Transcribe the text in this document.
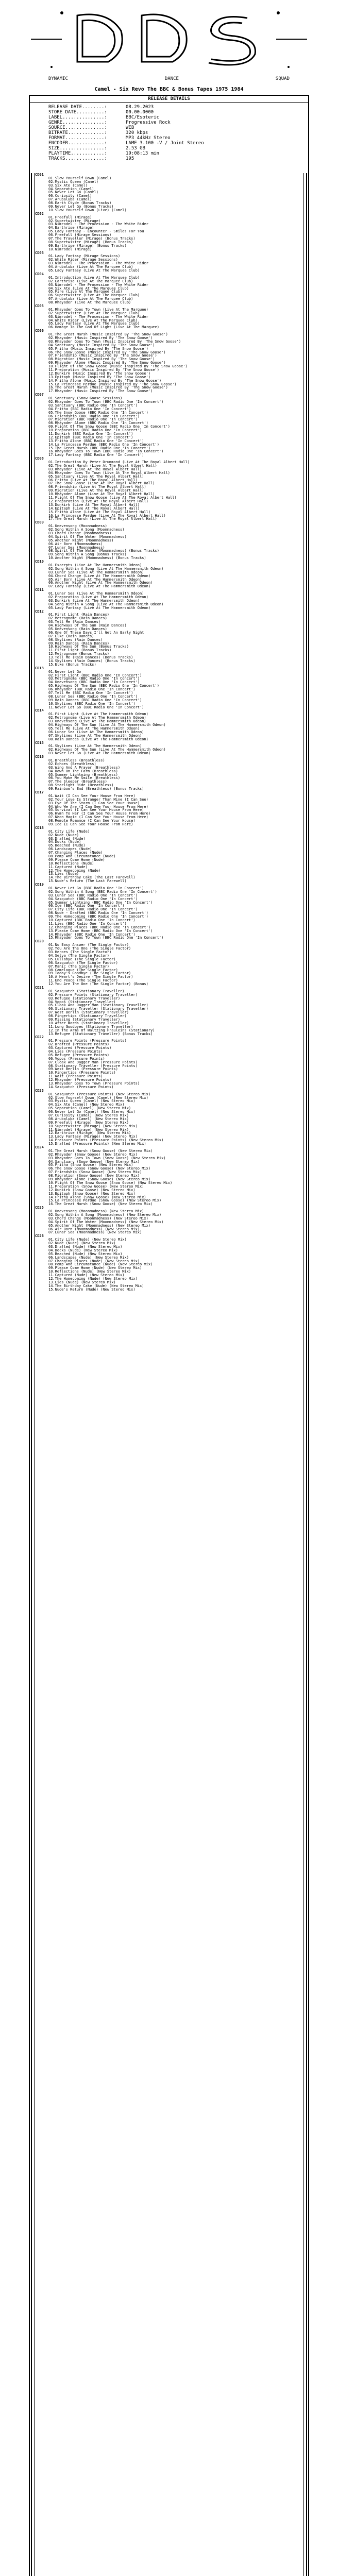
DYNAMIC	DANCE	SQUAD
Camel - Six Revo The BBC & Bonus Tapes 1975 1984
RELEASE DETAILS
RELEASE DATE........:	08.29.2023
STORE DATE..........:	00.00.0000
LABEL...............:	BBC/Esoteric
GENRE...............:	Progressive Rock
SOURCE..............:	WEB
BITRATE.............:	320 kbps
FORMAT..............:	MP3 44kHz Stereo
ENCODER.............:	LAME 3.100 -V / Joint Stereo
SIZE................:	2.53 GB
PLAYTIME............:	19:08:13 min
TRACKS..............:	195
CD01
01.Slow Yourself Down (Camel)
02.Mystic Queen (Camel)
03.Six Ate (Camel)
04.Separation (Camel)
05.Never Let Go (Camel)
06.Curiosity (Camel)
07.Arubaluba (Camel)
08.Earth Ctyde (Bonus Tracks)
09.Never Let Go (Bonus Tracks)
10.Slow Yourself Down (Live) (Camel)
CD02
01.Freefall (Mirage)
02.Supertwister (Mirage)
03.Nimrodel - The Procession - The White Rider
04.Earthrise (Mirage)
05.Lady Fantasy - Encounter - Smiles For You
06.Freefall (Mirage Sessions)
07.The Traveller (Mirage) (Bonus Tracks)
08.Supertwister (Mirage) (Bonus Tracks)
09.Earthrise (Mirage) (Bonus Tracks)
10.Nimrodel (Mirage)
CD03
01.Lady Fantasy (Mirage Sessions)
02.White Rider (Mirage Sessions)
03.Nimrodel - The Procession - The White Rider
04.Arubaluba (Live At The Marquee Club)
05.Lady Fantasy (Live At The Marquee Club)
CD04
01.Introduction (Live At The Marquee Club)
02.Earthrise (Live At The Marquee Club)
03.Nimrodel - The Procession - The White Rider
04.Six Ate (Live At The Marquee Club)
05.Fire (Live At The Marquee Club)
06.Supertwister (Live At The Marquee Club)
07.Arubaluba (Live At The Marquee Club)
08.Rhayader (Live At The Marquee Club)
CD05
01.Rhayader Goes To Town (Live At The Marquee)
02.Supertwister (Live At The Marquee Club)
03.Nimrodel - The Procession - The White Rider
04.White Rider (Live At The Marquee Club)
05.Lady Fantasy (Live At The Marquee Club)
06.Homage To The God Of Light (Live At The Marquee)
CD06
01.The Great Marsh (Music Inspired By 'The Snow Goose')
02.Rhayader (Music Inspired By 'The Snow Goose')
03.Rhayader Goes To Town (Music Inspired By 'The Snow Goose')
04.Sanctuary (Music Inspired By 'The Snow Goose')
05.Fritha (Music Inspired By 'The Snow Goose')
06.The Snow Goose (Music Inspired By 'The Snow Goose')
07.Friendship (Music Inspired By 'The Snow Goose')
08.Migration (Music Inspired By 'The Snow Goose')
09.Rhayader Alone (Music Inspired By 'The Snow Goose')
10.Flight Of The Snow Goose (Music Inspired By 'The Snow Goose')
11.Preparation (Music Inspired By 'The Snow Goose')
12.Dunkirk (Music Inspired By 'The Snow Goose')
13.Epitaph (Music Inspired By 'The Snow Goose')
14.Fritha Alone (Music Inspired By 'The Snow Goose')
15.La Princesse Perdue (Music Inspired By 'The Snow Goose')
16.The Great Marsh (Music Inspired By 'The Snow Goose')
17.Rhayader (Music Inspired By 'The Snow Goose')
CD07
01.Sanctuary (Snow Goose Sessions)
02.Rhayader Goes To Town (BBC Radio One 'In Concert')
03.Sanctuary (BBC Radio One 'In Concert')
04.Fritha (BBC Radio One 'In Concert')
05.The Snow Goose (BBC Radio One 'In Concert')
06.Friendship (BBC Radio One 'In Concert')
07.Migration (BBC Radio One 'In Concert')
08.Rhayader Alone (BBC Radio One 'In Concert')
09.Flight Of The Snow Goose (BBC Radio One 'In Concert')
10.Preparation (BBC Radio One 'In Concert')
11.Dunkirk (BBC Radio One 'In Concert')
12.Epitaph (BBC Radio One 'In Concert')
13.Fritha Alone (BBC Radio One 'In Concert')
14.La Princesse Perdue (BBC Radio One 'In Concert')
15.The Great Marsh (BBC Radio One 'In Concert')
16.Rhayader Goes To Town (BBC Radio One 'In Concert')
17.Lady Fantasy (BBC Radio One 'In Concert')
CD08
01.Introduction By Peter Drummond (Live At The Royal Albert Hall)
02.The Great Marsh (Live At The Royal Albert Hall)
03.Rhayader (Live At The Royal Albert Hall)
04.Rhayader Goes To Town (Live At The Royal Albert Hall)
05.Sanctuary (Live At The Royal Albert Hall)
06.Fritha (Live At The Royal Albert Hall)
07.The Snow Goose (Live At The Royal Albert Hall)
08.Friendship (Live At The Royal Albert Hall)
09.Migration (Live At The Royal Albert Hall)
10.Rhayader Alone (Live At The Royal Albert Hall)
11.Flight Of The Snow Goose (Live At The Royal Albert Hall)
12.Preparation (Live At The Royal Albert Hall)
13.Dunkirk (Live At The Royal Albert Hall)
14.Epitaph (Live At The Royal Albert Hall)
15.Fritha Alone (Live At The Royal Albert Hall)
16.La Princesse Perdue (Live At The Royal Albert Hall)
17.The Great Marsh (Live At The Royal Albert Hall)
CD09
01.Unevensong (Moonmadness)
02.Song Within A Song (Moonmadness)
03.Chord Change (Moonmadness)
04.Spirit Of The Water (Moonmadness)
05.Another Night (Moonmadness)
06.Air Born (Moonmadness)
07.Lunar Sea (Moonmadness)
08.Spirit Of The Water (Moonmadness) (Bonus Tracks)
09.Song Within A Song (Bonus Tracks)
10.Another Night (Moonmadness) (Bonus Tracks)
CD10
01.Excerpts (Live At The Hammersmith Odeon)
02.Song Within A Song (Live At The Hammersmith Odeon)
03.Lunar Sea (Live At The Hammersmith Odeon)
04.Chord Change (Live At The Hammersmith Odeon)
05.Air Born (Live At The Hammersmith Odeon)
06.Another Night (Live At The Hammersmith Odeon)
07.Lady Fantasy (Live At The Hammersmith Odeon)
CD11
01.Lunar Sea (Live At The Hammersmith Odeon)
02.Preparation (Live At The Hammersmith Odeon)
03.Dunkirk (Live At The Hammersmith Odeon)
04.Song Within A Song (Live At The Hammersmith Odeon)
05.Lady Fantasy (Live At The Hammersmith Odeon)
CD12
01.First Light (Rain Dances)
02.Metrognome (Rain Dances)
03.Tell Me (Rain Dances)
04.Highways Of The Sun (Rain Dances)
05.Unevensong (Rain Dances)
06.One Of These Days I'll Get An Early Night
07.Elke (Rain Dances)
08.Skylines (Rain Dances)
09.Rain Dances (Rain Dances)
10.Highways Of The Sun (Bonus Tracks)
11.First Light (Bonus Tracks)
12.Metrognome (Bonus Tracks)
13.Tell Me (Rain Dances) (Bonus Tracks)
14.Skylines (Rain Dances) (Bonus Tracks)
15.Elke (Bonus Tracks)
CD13
01.Never Let Go
02.First Light (BBC Radio One 'In Concert')
03.Metrognome (BBC Radio One 'In Concert')
04.Unevensong (BBC Radio One 'In Concert')
05.Highways Of The Sun (BBC Radio One 'In Concert')
06.Rhayader (BBC Radio One 'In Concert')
07.Tell Me (BBC Radio One 'In Concert')
08.Lunar Sea (BBC Radio One 'In Concert')
09.Rain Dances (BBC Radio One 'In Concert')
10.Skylines (BBC Radio One 'In Concert')
11.Never Let Go (BBC Radio One 'In Concert')
CD14
01.First Light (Live At The Hammersmith Odeon)
02.Metrognome (Live At The Hammersmith Odeon)
03.Unevensong (Live At The Hammersmith Odeon)
04.Highways Of The Sun (Live At The Hammersmith Odeon)
05.Tell Me (Live At The Hammersmith Odeon)
06.Lunar Sea (Live At The Hammersmith Odeon)
07.Skylines (Live At The Hammersmith Odeon)
08.Rain Dances (Live At The Hammersmith Odeon)
CD15
01.Skylines (Live At The Hammersmith Odeon)
02.Highways Of The Sun (Live At The Hammersmith Odeon)
03.Never Let Go (Live At The Hammersmith Odeon)
CD16
01.Breathless (Breathless)
02.Echoes (Breathless)
03.Wing And A Prayer (Breathless)
04.Down On The Farm (Breathless)
05.Summer Lightning (Breathless)
06.You Make Me Smile (Breathless)
07.The Sleeper (Breathless)
08.Starlight Ride (Breathless)
09.Rainbow's End (Breathless) (Bonus Tracks)
CD17
01.Wait (I Can See Your House From Here)
02.Your Love Is Stranger Than Mine (I Can See)
03.Eye Of The Storm (I Can See Your House)
04.Who We Are (I Can See Your House From Here)
05.Survival (I Can See Your House From Here)
06.Hymn To Her (I Can See Your House From Here)
07.Neon Magic (I Can See Your House From Here)
08.Remote Romance (I Can See Your House)
09.Ice (I Can See Your House From Here)
CD18
01.City Life (Nude)
02.Nude (Nude)
03.Drafted (Nude)
04.Docks (Nude)
05.Beached (Nude)
06.Landscapes (Nude)
07.Changing Places (Nude)
08.Pomp And Circumstance (Nude)
09.Please Come Home (Nude)
10.Reflections (Nude)
11.Captured (Nude)
12.The Homecoming (Nude)
13.Lies (Nude)
14.The Birthday Cake (The Last Farewell)
15.Nude's Return (The Last Farewell)
CD19
01.Never Let Go (BBC Radio One 'In Concert')
02.Song Within A Song (BBC Radio One 'In Concert')
03.Lunar Sea (BBC Radio One 'In Concert')
04.Sasquatch (BBC Radio One 'In Concert')
05.Summer Lightning (BBC Radio One 'In Concert')
06.Ice (BBC Radio One 'In Concert')
07.City Life (BBC Radio One 'In Concert')
08.Nude - Drafted (BBC Radio One 'In Concert')
09.The Homecoming (BBC Radio One 'In Concert')
10.Captured (BBC Radio One 'In Concert')
11.Lies (BBC Radio One 'In Concert')
12.Changing Places (BBC Radio One 'In Concert')
13.Please Come Home (BBC Radio One 'In Concert')
14.Rhayader (BBC Radio One 'In Concert')
15.Rhayader Goes To Town (BBC Radio One 'In Concert')
CD20
01.No Easy Answer (The Single Factor)
02.You Are The One (The Single Factor)
03.Heroes (The Single Factor)
04.Selva (The Single Factor)
05.Lullabye (The Single Factor)
06.Sasquatch (The Single Factor)
07.Manic (The Single Factor)
08.Camelogue (The Single Factor)
09.Today's Goodbye (The Single Factor)
10.A Heart's Desire (The Single Factor)
11.End Peace (The Single Factor)
12.You Are The One (The Single Factor) (Bonus)
CD21
01.Sasquatch (Stationary Traveller)
02.Pressure Points (Stationary Traveller)
03.Refugee (Stationary Traveller)
04.Vopos (Stationary Traveller)
05.Cloak And Dagger Man (Stationary Traveller)
06.Stationary Traveller (Stationary Traveller)
07.West Berlin (Stationary Traveller)
08.Fingertips (Stationary Traveller)
09.Missing (Stationary Traveller)
10.After Words (Stationary Traveller)
11.Long Goodbyes (Stationary Traveller)
12.In The Arms Of Waltzing Frauleins (Stationary)
13.Refugee (Stationary Traveller) (Bonus Tracks)
CD22
01.Pressure Points (Pressure Points)
02.Drafted (Pressure Points)
03.Captured (Pressure Points)
04.Lies (Pressure Points)
05.Refugee (Pressure Points)
06.Vopos (Pressure Points)
07.Cloak And Dagger Man (Pressure Points)
08.Stationary Traveller (Pressure Points)
09.West Berlin (Pressure Points)
10.Fingertips (Pressure Points)
11.Wait (Pressure Points)
12.Rhayader (Pressure Points)
13.Rhayader Goes To Town (Pressure Points)
14.Sasquatch (Pressure Points)
CD23
01.Sasquatch (Pressure Points) (New Stereo Mix)
02.Slow Yourself Down (Camel) (New Stereo Mix)
03.Mystic Queen (Camel) (New Stereo Mix)
04.Six Ate (Camel) (New Stereo Mix)
05.Separation (Camel) (New Stereo Mix)
06.Never Let Go (Camel) (New Stereo Mix)
07.Curiosity (Camel) (New Stereo Mix)
08.Arubaluba (Camel) (New Stereo Mix)
09.Freefall (Mirage) (New Stereo Mix)
10.Supertwister (Mirage) (New Stereo Mix)
11.Nimrodel (Mirage) (New Stereo Mix)
12.Earthrise (Mirage) (New Stereo Mix)
13.Lady Fantasy (Mirage) (New Stereo Mix)
14.Pressure Points (Pressure Points) (New Stereo Mix)
15.Drafted (Pressure Points) (New Stereo Mix)
CD24
01.The Great Marsh (Snow Goose) (New Stereo Mix)
02.Rhayader (Snow Goose) (New Stereo Mix)
03.Rhayader Goes To Town (Snow Goose) (New Stereo Mix)
04.Sanctuary (Snow Goose) (New Stereo Mix)
05.Fritha (Snow Goose) (New Stereo Mix)
06.The Snow Goose (Snow Goose) (New Stereo Mix)
07.Friendship (Snow Goose) (New Stereo Mix)
08.Migration (Snow Goose) (New Stereo Mix)
09.Rhayader Alone (Snow Goose) (New Stereo Mix)
10.Flight Of The Snow Goose (Snow Goose) (New Stereo Mix)
11.Preparation (Snow Goose) (New Stereo Mix)
12.Dunkirk (Snow Goose) (New Stereo Mix)
13.Epitaph (Snow Goose) (New Stereo Mix)
14.Fritha Alone (Snow Goose) (New Stereo Mix)
15.La Princesse Perdue (Snow Goose) (New Stereo Mix)
16.The Great Marsh (Snow Goose) (New Stereo Mix)
CD25
01.Unevensong (Moonmadness) (New Stereo Mix)
02.Song Within A Song (Moonmadness) (New Stereo Mix)
03.Chord Change (Moonmadness) (New Stereo Mix)
04.Spirit Of The Water (Moonmadness) (New Stereo Mix)
05.Another Night (Moonmadness) (New Stereo Mix)
06.Air Born (Moonmadness) (New Stereo Mix)
07.Lunar Sea (Moonmadness) (New Stereo Mix)
CD26
01.City Life (Nude) (New Stereo Mix)
02.Nude (Nude) (New Stereo Mix)
03.Drafted (Nude) (New Stereo Mix)
04.Docks (Nude) (New Stereo Mix)
05.Beached (Nude) (New Stereo Mix)
06.Landscapes (Nude) (New Stereo Mix)
07.Changing Places (Nude) (New Stereo Mix)
08.Pomp And Circumstance (Nude) (New Stereo Mix)
09.Please Come Home (Nude) (New Stereo Mix)
10.Reflections (Nude) (New Stereo Mix)
11.Captured (Nude) (New Stereo Mix)
12.The Homecoming (Nude) (New Stereo Mix)
13.Lies (Nude) (New Stereo Mix)
14.The Birthday Cake (Nude) (New Stereo Mix)
15.Nude's Return (Nude) (New Stereo Mix)
